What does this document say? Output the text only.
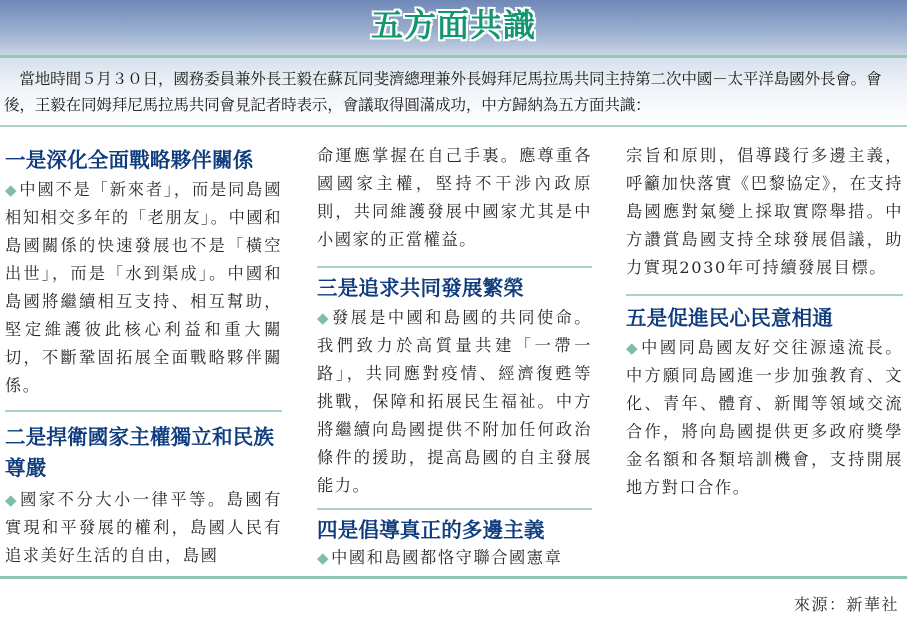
五方面共識

　當地時間５月３０日，國務委員兼外長王毅在蘇瓦同斐濟總理兼外長姆拜尼馬拉馬共同主持第二次中國－太平洋島國外長會。會後，王毅在同姆拜尼馬拉馬共同會見記者時表示，會議取得圓滿成功，中方歸納為五方面共識：

一是深化全面戰略夥伴關係

◆中國不是「新來者」，而是同島國相知相交多年的「老朋友」。中國和島國關係的快速發展也不是「橫空出世」，而是「水到渠成」。中國和島國將繼續相互支持、相互幫助，堅定維護彼此核心利益和重大關切，不斷鞏固拓展全面戰略夥伴關係。

二是捍衛國家主權獨立和民族尊嚴

◆國家不分大小一律平等。島國有實現和平發展的權利，島國人民有追求美好生活的自由，島國

命運應掌握在自己手裏。應尊重各國國家主權，堅持不干涉內政原則，共同維護發展中國家尤其是中小國家的正當權益。

三是追求共同發展繁榮

◆發展是中國和島國的共同使命。我們致力於高質量共建「一帶一路」，共同應對疫情、經濟復甦等挑戰，保障和拓展民生福祉。中方將繼續向島國提供不附加任何政治條件的援助，提高島國的自主發展能力。

四是倡導真正的多邊主義

◆中國和島國都恪守聯合國憲章

宗旨和原則，倡導踐行多邊主義，呼籲加快落實《巴黎協定》，在支持島國應對氣變上採取實際舉措。中方讚賞島國支持全球發展倡議，助力實現2030年可持續發展目標。

五是促進民心民意相通

◆中國同島國友好交往源遠流長。中方願同島國進一步加強教育、文化、青年、體育、新聞等領域交流合作，將向島國提供更多政府獎學金名額和各類培訓機會，支持開展地方對口合作。

來源：新華社
